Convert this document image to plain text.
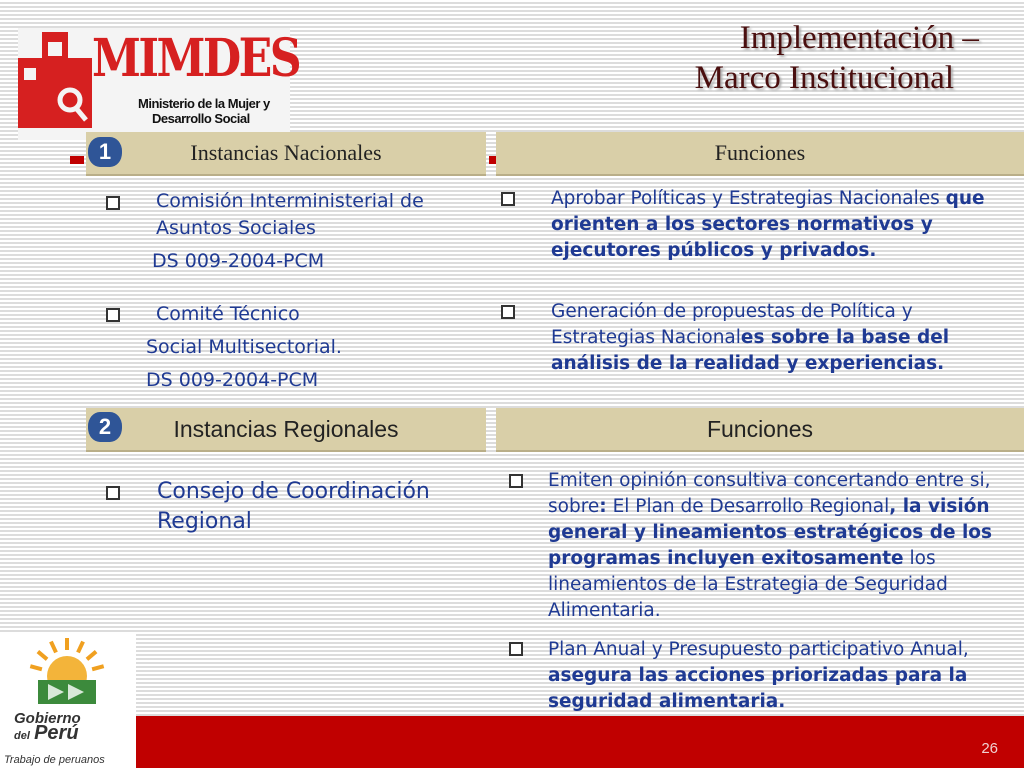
MIMDES
Ministerio de la Mujer y
Desarrollo Social
Implementación –
Marco Institucional
Instancias Nacionales	Funciones
1
Comisión Interministerial de
Asuntos Sociales
DS 009-2004-PCM
Comité Técnico
Social Multisectorial.
DS 009-2004-PCM
Aprobar Políticas y Estrategias Nacionales que orienten a los sectores normativos y ejecutores públicos y privados.
Generación de propuestas de Política y Estrategias Nacionales sobre la base del análisis de la realidad y experiencias.
Instancias Regionales	Funciones
2
Consejo de Coordinación Regional
Emiten opinión consultiva concertando entre si, sobre: El Plan de Desarrollo Regional, la visión general y lineamientos estratégicos de los programas incluyen exitosamente los lineamientos de la Estrategia de Seguridad Alimentaria.
Plan Anual y Presupuesto participativo Anual, asegura las acciones priorizadas para la seguridad alimentaria.
26
Gobierno
del Perú
Trabajo de peruanos
